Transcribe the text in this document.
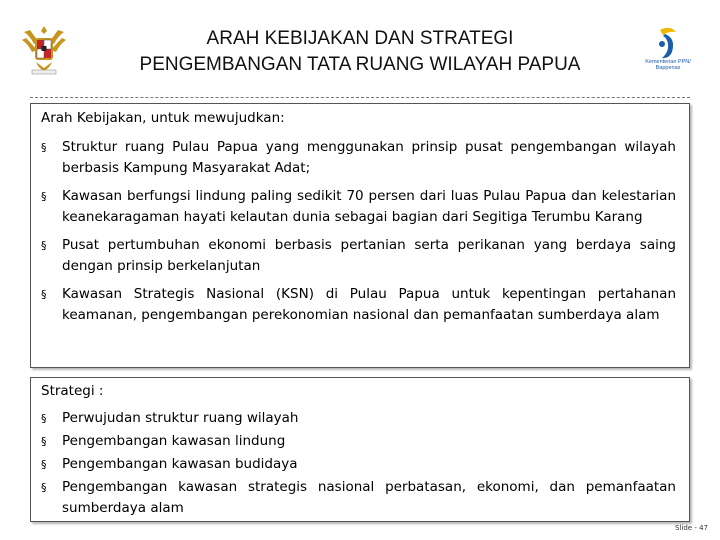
ARAH KEBIJAKAN DAN STRATEGI
PENGEMBANGAN TATA RUANG WILAYAH PAPUA	Kementerian PPN/
Bappenas
Arah Kebijakan, untuk mewujudkan:
§ Struktur ruang Pulau Papua yang menggunakan prinsip pusat pengembangan wilayah berbasis Kampung Masyarakat Adat;
§ Kawasan berfungsi lindung paling sedikit 70 persen dari luas Pulau Papua dan kelestarian keanekaragaman hayati kelautan dunia sebagai bagian dari Segitiga Terumbu Karang
§ Pusat pertumbuhan ekonomi berbasis pertanian serta perikanan yang berdaya saing dengan prinsip berkelanjutan
§ Kawasan Strategis Nasional (KSN) di Pulau Papua untuk kepentingan pertahanan keamanan, pengembangan perekonomian nasional dan pemanfaatan sumberdaya alam
Strategi :
§ Perwujudan struktur ruang wilayah
§ Pengembangan kawasan lindung
§ Pengembangan kawasan budidaya
§ Pengembangan kawasan strategis nasional perbatasan, ekonomi, dan pemanfaatan sumberdaya alam
Slide - 47
